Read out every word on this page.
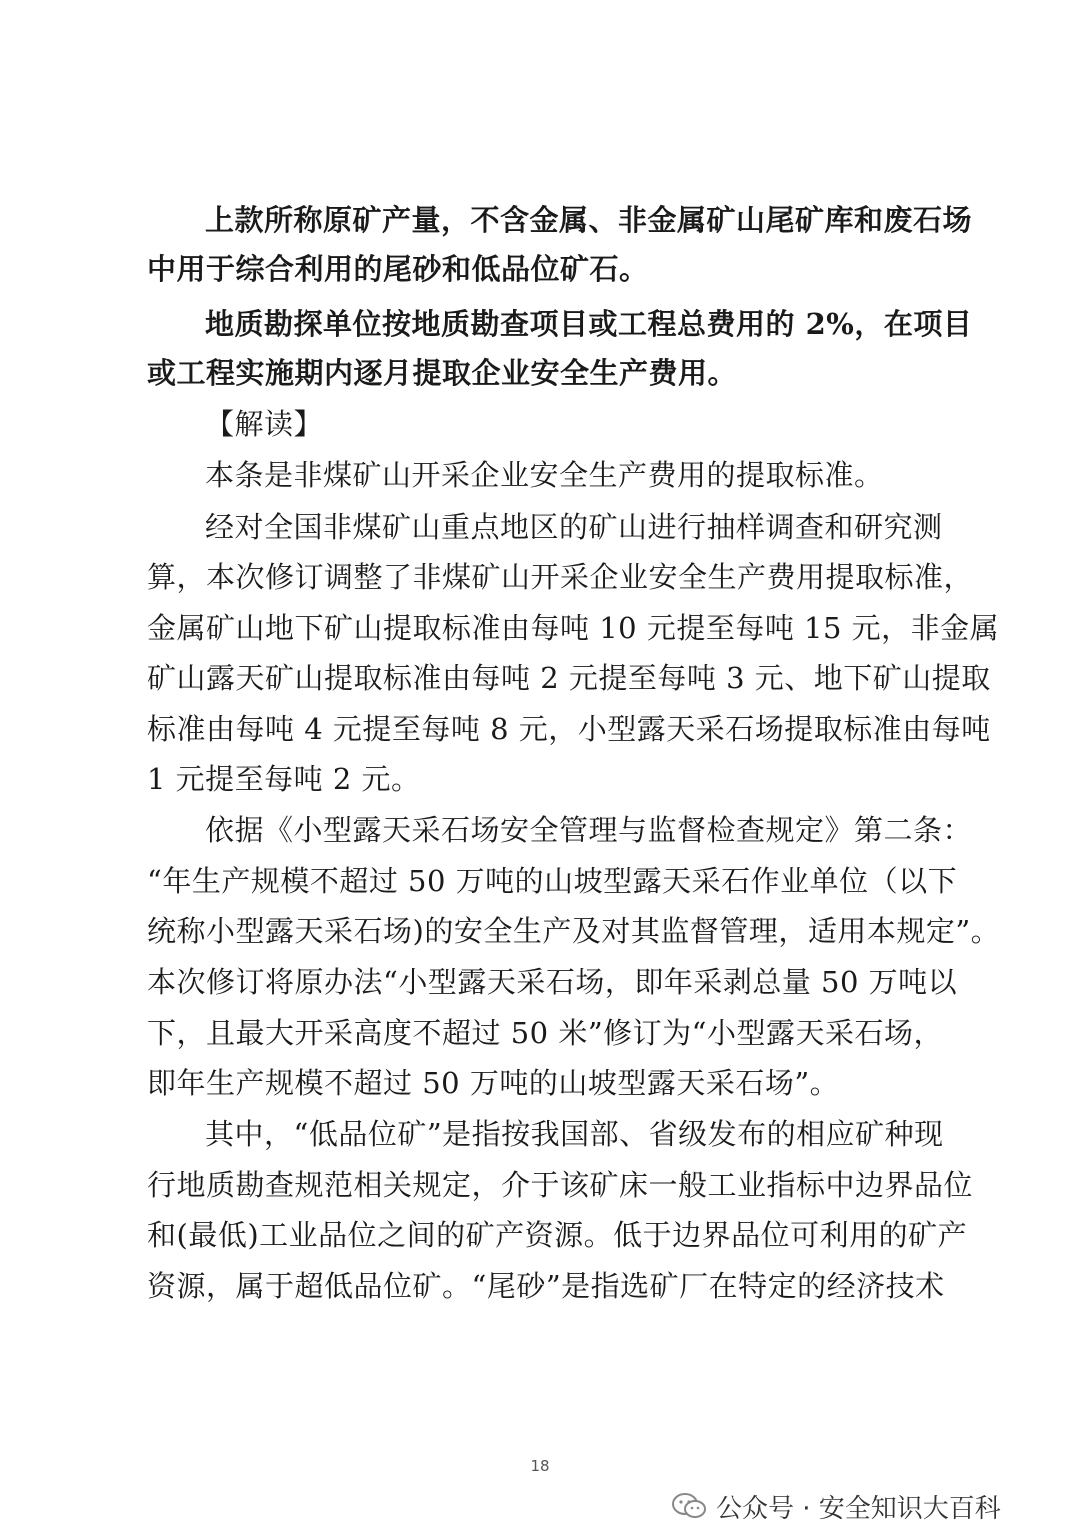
上款所称原矿产量，不含金属、非金属矿山尾矿库和废石场
中用于综合利用的尾砂和低品位矿石。
地质勘探单位按地质勘查项目或工程总费用的 2%，在项目
或工程实施期内逐月提取企业安全生产费用。
【解读】
本条是非煤矿山开采企业安全生产费用的提取标准。
经对全国非煤矿山重点地区的矿山进行抽样调查和研究测
算，本次修订调整了非煤矿山开采企业安全生产费用提取标准，
金属矿山地下矿山提取标准由每吨 10 元提至每吨 15 元，非金属
矿山露天矿山提取标准由每吨 2 元提至每吨 3 元、地下矿山提取
标准由每吨 4 元提至每吨 8 元，小型露天采石场提取标准由每吨
1 元提至每吨 2 元。
依据《小型露天采石场安全管理与监督检查规定》第二条：
“年生产规模不超过 50 万吨的山坡型露天采石作业单位（以下
统称小型露天采石场)的安全生产及对其监督管理，适用本规定”。
本次修订将原办法“小型露天采石场，即年采剥总量 50 万吨以
下，且最大开采高度不超过 50 米”修订为“小型露天采石场，
即年生产规模不超过 50 万吨的山坡型露天采石场”。
其中，“低品位矿”是指按我国部、省级发布的相应矿种现
行地质勘查规范相关规定，介于该矿床一般工业指标中边界品位
和(最低)工业品位之间的矿产资源。低于边界品位可利用的矿产
资源，属于超低品位矿。“尾砂”是指选矿厂在特定的经济技术
18
公众号 · 安全知识大百科
